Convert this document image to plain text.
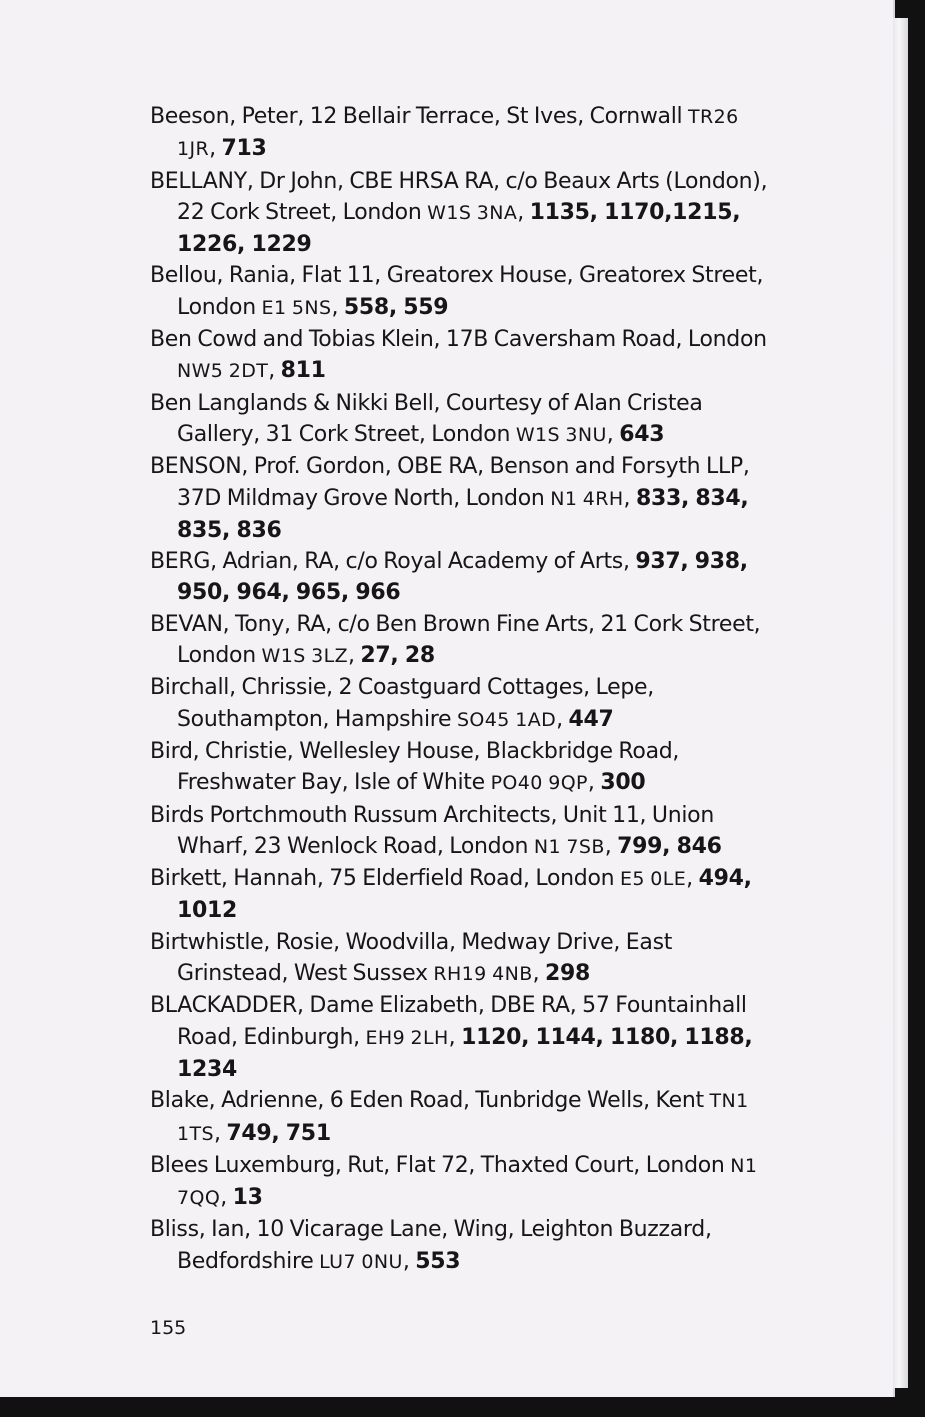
Beeson, Peter, 12 Bellair Terrace, St Ives, Cornwall TR26 1JR, 713

BELLANY, Dr John, CBE HRSA RA, c/o Beaux Arts (London), 22 Cork Street, London W1S 3NA, 1135, 1170,1215, 1226, 1229

Bellou, Rania, Flat 11, Greatorex House, Greatorex Street, London E1 5NS, 558, 559

Ben Cowd and Tobias Klein, 17B Caversham Road, London NW5 2DT, 811

Ben Langlands & Nikki Bell, Courtesy of Alan Cristea Gallery, 31 Cork Street, London W1S 3NU, 643

BENSON, Prof. Gordon, OBE RA, Benson and Forsyth LLP, 37D Mildmay Grove North, London N1 4RH, 833, 834, 835, 836

BERG, Adrian, RA, c/o Royal Academy of Arts, 937, 938, 950, 964, 965, 966

BEVAN, Tony, RA, c/o Ben Brown Fine Arts, 21 Cork Street, London W1S 3LZ, 27, 28

Birchall, Chrissie, 2 Coastguard Cottages, Lepe, Southampton, Hampshire SO45 1AD, 447

Bird, Christie, Wellesley House, Blackbridge Road, Freshwater Bay, Isle of White PO40 9QP, 300

Birds Portchmouth Russum Architects, Unit 11, Union Wharf, 23 Wenlock Road, London N1 7SB, 799, 846

Birkett, Hannah, 75 Elderfield Road, London E5 0LE, 494, 1012

Birtwhistle, Rosie, Woodvilla, Medway Drive, East Grinstead, West Sussex RH19 4NB, 298

BLACKADDER, Dame Elizabeth, DBE RA, 57 Fountainhall Road, Edinburgh, EH9 2LH, 1120, 1144, 1180, 1188, 1234

Blake, Adrienne, 6 Eden Road, Tunbridge Wells, Kent TN1 1TS, 749, 751

Blees Luxemburg, Rut, Flat 72, Thaxted Court, London N1 7QQ, 13

Bliss, Ian, 10 Vicarage Lane, Wing, Leighton Buzzard, Bedfordshire LU7 0NU, 553

155
